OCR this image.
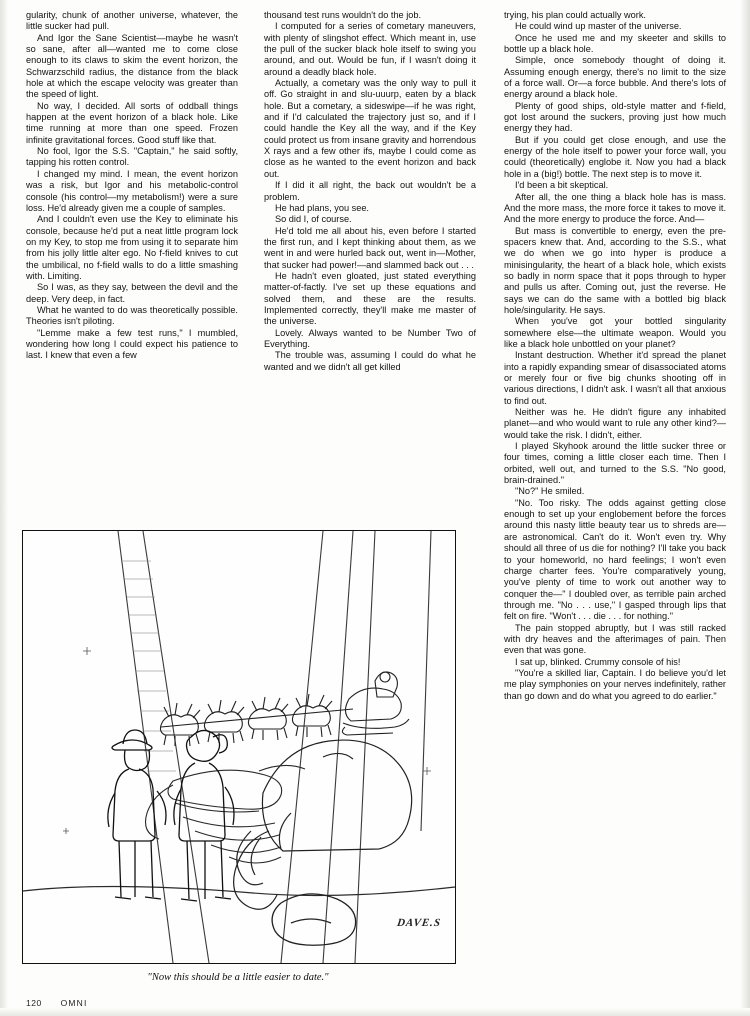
gularity, chunk of another universe, whatever, the little sucker had pull.

And Igor the Sane Scientist—maybe he wasn't so sane, after all—wanted me to come close enough to its claws to skim the event horizon, the Schwarzschild radius, the distance from the black hole at which the escape velocity was greater than the speed of light.

No way, I decided. All sorts of oddball things happen at the event horizon of a black hole. Like time running at more than one speed. Frozen infinite gravitational forces. Good stuff like that.

No fool, Igor the S.S. "Captain," he said softly, tapping his rotten control.

I changed my mind. I mean, the event horizon was a risk, but Igor and his metabolic-control console (his control—my metabolism!) were a sure loss. He'd already given me a couple of samples.

And I couldn't even use the Key to eliminate his console, because he'd put a neat little program lock on my Key, to stop me from using it to separate him from his jolly little alter ego. No f-field knives to cut the umbilical, no f-field walls to do a little smashing with. Limiting.

So I was, as they say, between the devil and the deep. Very deep, in fact.

What he wanted to do was theoretically possible. Theories isn't piloting.

"Lemme make a few test runs," I mumbled, wondering how long I could expect his patience to last. I knew that even a few

thousand test runs wouldn't do the job.

I computed for a series of cometary maneuvers, with plenty of slingshot effect. Which meant in, use the pull of the sucker black hole itself to swing you around, and out. Would be fun, if I wasn't doing it around a deadly black hole.

Actually, a cometary was the only way to pull it off. Go straight in and slu-uuurp, eaten by a black hole. But a cometary, a sideswipe—if he was right, and if I'd calculated the trajectory just so, and if I could handle the Key all the way, and if the Key could protect us from insane gravity and horrendous X rays and a few other ifs, maybe I could come as close as he wanted to the event horizon and back out.

If I did it all right, the back out wouldn't be a problem.

He had plans, you see.

So did I, of course.

He'd told me all about his, even before I started the first run, and I kept thinking about them, as we went in and were hurled back out, went in—Mother, that sucker had power!—and slammed back out . . .

He hadn't even gloated, just stated everything matter-of-factly. I've set up these equations and solved them, and these are the results. Implemented correctly, they'll make me master of the universe.

Lovely. Always wanted to be Number Two of Everything.

The trouble was, assuming I could do what he wanted and we didn't all get killed

trying, his plan could actually work.

He could wind up master of the universe.

Once he used me and my skeeter and skills to bottle up a black hole.

Simple, once somebody thought of doing it. Assuming enough energy, there's no limit to the size of a force wall. Or—a force bubble. And there's lots of energy around a black hole.

Plenty of good ships, old-style matter and f-field, got lost around the suckers, proving just how much energy they had.

But if you could get close enough, and use the energy of the hole itself to power your force wall, you could (theoretically) englobe it. Now you had a black hole in a (big!) bottle. The next step is to move it.

I'd been a bit skeptical.

After all, the one thing a black hole has is mass. And the more mass, the more force it takes to move it. And the more energy to produce the force. And—

But mass is convertible to energy, even the pre-spacers knew that. And, according to the S.S., what we do when we go into hyper is produce a minisingularity, the heart of a black hole, which exists so badly in norm space that it pops through to hyper and pulls us after. Coming out, just the reverse. He says we can do the same with a bottled big black hole/singularity. He says.

When you've got your bottled singularity somewhere else—the ultimate weapon. Would you like a black hole unbottled on your planet?

Instant destruction. Whether it'd spread the planet into a rapidly expanding smear of disassociated atoms or merely four or five big chunks shooting off in various directions, I didn't ask. I wasn't all that anxious to find out.

Neither was he. He didn't figure any inhabited planet—and who would want to rule any other kind?—would take the risk. I didn't, either.

I played Skyhook around the little sucker three or four times, coming a little closer each time. Then I orbited, well out, and turned to the S.S. "No good, brain-drained."

"No?" He smiled.

"No. Too risky. The odds against getting close enough to set up your englobement before the forces around this nasty little beauty tear us to shreds are—are astronomical. Can't do it. Won't even try. Why should all three of us die for nothing? I'll take you back to your homeworld, no hard feelings; I won't even charge charter fees. You're comparatively young, you've plenty of time to work out another way to conquer the—" I doubled over, as terrible pain arched through me. "No . . . use," I gasped through lips that felt on fire. "Won't . . . die . . . for nothing."

The pain stopped abruptly, but I was still racked with dry heaves and the afterimages of pain. Then even that was gone.

I sat up, blinked. Crummy console of his!

"You're a skilled liar, Captain. I do believe you'd let me play symphonies on your nerves indefinitely, rather than go down and do what you agreed to do earlier."

DAVE.S
"Now this should be a little easier to date."
120 OMNI
